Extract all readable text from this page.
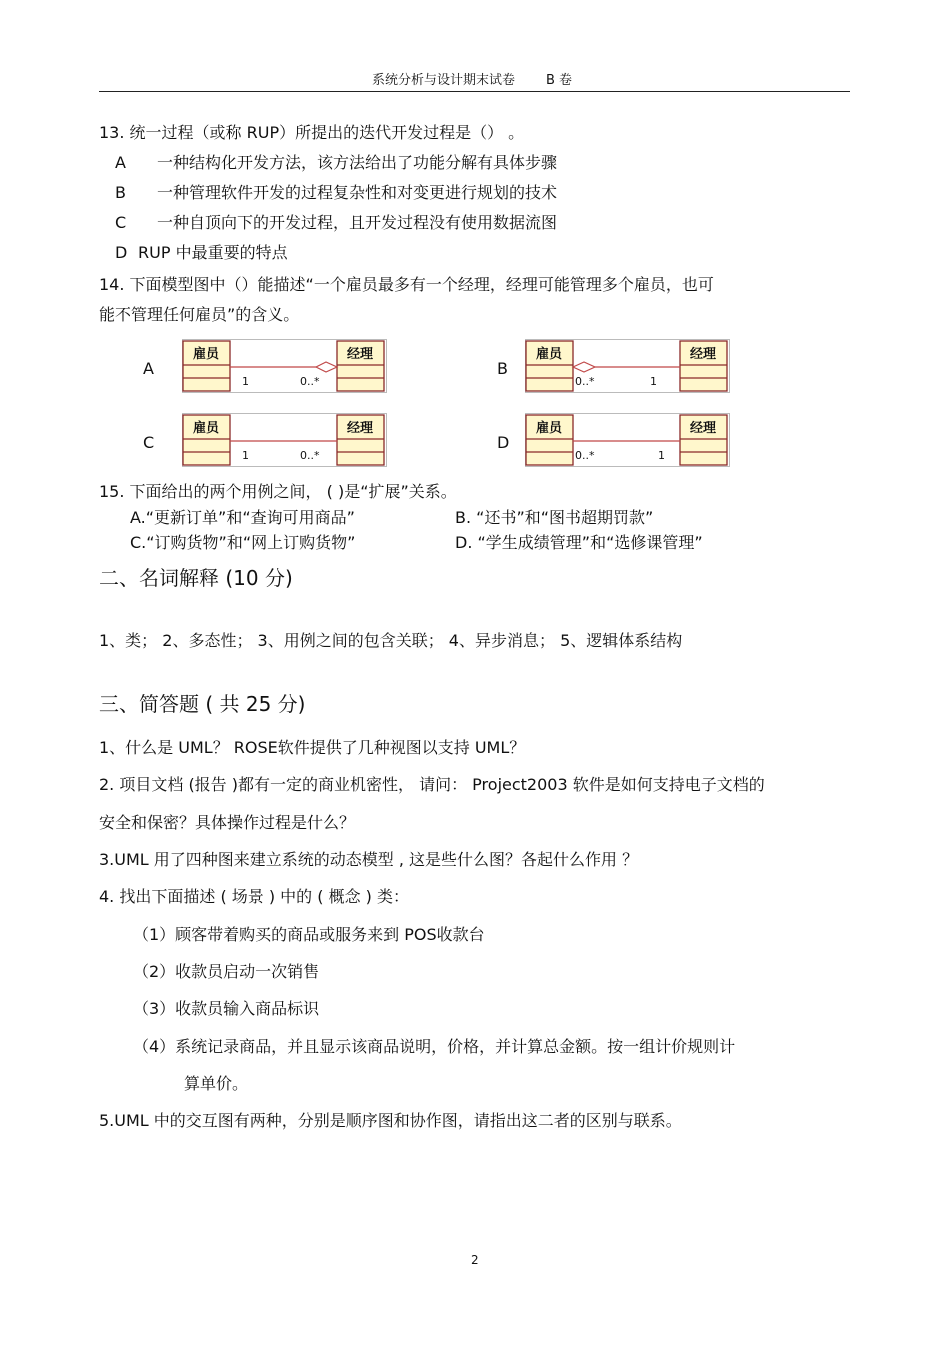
系统分析与设计期末试卷 B 卷
13. 统一过程（或称 RUP）所提出的迭代开发过程是（） 。
A 一种结构化开发方法，该方法给出了功能分解有具体步骤
B 一种管理软件开发的过程复杂性和对变更进行规划的技术
C 一种自顶向下的开发过程，且开发过程没有使用数据流图
D RUP 中最重要的特点
14. 下面模型图中（）能描述“一个雇员最多有一个经理，经理可能管理多个雇员，也可
能不管理任何雇员”的含义。
A
雇员	经理
1	0..*
B
雇员	经理
0..*	1
C
雇员	经理
1	0..*
D
雇员	经理
0..*	1
15. 下面给出的两个用例之间， ( )是“扩展”关系。
A.“更新订单”和“查询可用商品”	B. “还书”和“图书超期罚款”
C.“订购货物”和“网上订购货物”	D. “学生成绩管理”和“选修课管理”
二、名词解释 (10 分)
1、类； 2、多态性； 3、用例之间的包含关联； 4、异步消息； 5、逻辑体系结构
三、简答题 ( 共 25 分)
1、什么是 UML？ ROSE软件提供了几种视图以支持 UML？
2. 项目文档 (报告 )都有一定的商业机密性， 请问： Project2003 软件是如何支持电子文档的
安全和保密？具体操作过程是什么？
3.UML 用了四种图来建立系统的动态模型 , 这是些什么图？各起什么作用 ？
4. 找出下面描述 ( 场景 ) 中的 ( 概念 ) 类：
（1）顾客带着购买的商品或服务来到 POS收款台
（2）收款员启动一次销售
（3）收款员输入商品标识
（4）系统记录商品，并且显示该商品说明，价格，并计算总金额。按一组计价规则计
算单价。
5.UML 中的交互图有两种，分别是顺序图和协作图，请指出这二者的区别与联系。
2
